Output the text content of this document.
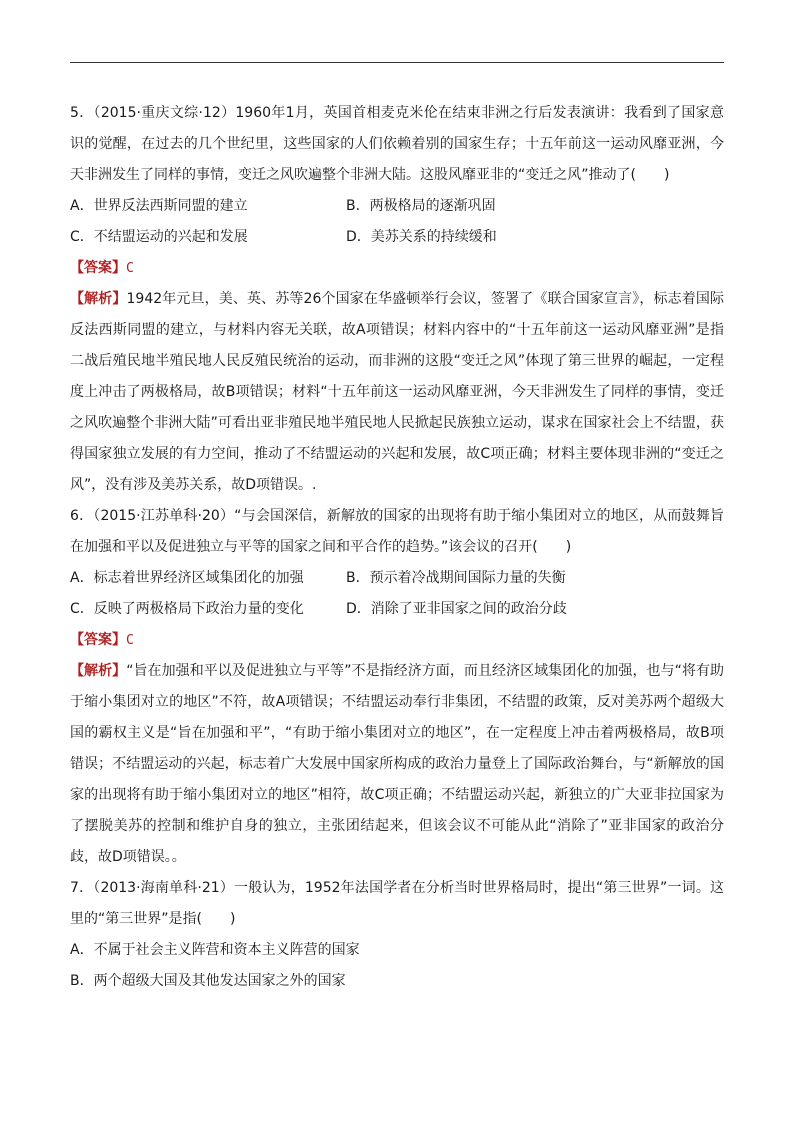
5．（2015·重庆文综·12）1960年1月，英国首相麦克米伦在结束非洲之行后发表演讲：我看到了国家意识的觉醒，在过去的几个世纪里，这些国家的人们依赖着别的国家生存；十五年前这一运动风靡亚洲，今天非洲发生了同样的事情，变迁之风吹遍整个非洲大陆。这股风靡亚非的“变迁之风”推动了(　　)

A．世界反法西斯同盟的建立	B．两极格局的逐渐巩固
C．不结盟运动的兴起和发展	D．美苏关系的持续缓和

【答案】C

【解析】1942年元旦，美、英、苏等26个国家在华盛顿举行会议，签署了《联合国家宣言》，标志着国际反法西斯同盟的建立，与材料内容无关联，故A项错误；材料内容中的“十五年前这一运动风靡亚洲”是指二战后殖民地半殖民地人民反殖民统治的运动，而非洲的这股“变迁之风”体现了第三世界的崛起，一定程度上冲击了两极格局，故B项错误；材料“十五年前这一运动风靡亚洲，今天非洲发生了同样的事情，变迁之风吹遍整个非洲大陆”可看出亚非殖民地半殖民地人民掀起民族独立运动，谋求在国家社会上不结盟，获得国家独立发展的有力空间，推动了不结盟运动的兴起和发展，故C项正确；材料主要体现非洲的“变迁之风”，没有涉及美苏关系，故D项错误。.

6．（2015·江苏单科·20）“与会国深信，新解放的国家的出现将有助于缩小集团对立的地区，从而鼓舞旨在加强和平以及促进独立与平等的国家之间和平合作的趋势。”该会议的召开(　　)

A．标志着世界经济区域集团化的加强	B．预示着冷战期间国际力量的失衡
C．反映了两极格局下政治力量的变化	D．消除了亚非国家之间的政治分歧

【答案】C

【解析】“旨在加强和平以及促进独立与平等”不是指经济方面，而且经济区域集团化的加强，也与“将有助于缩小集团对立的地区”不符，故A项错误；不结盟运动奉行非集团，不结盟的政策，反对美苏两个超级大国的霸权主义是“旨在加强和平”，“有助于缩小集团对立的地区”，在一定程度上冲击着两极格局，故B项错误；不结盟运动的兴起，标志着广大发展中国家所构成的政治力量登上了国际政治舞台，与“新解放的国家的出现将有助于缩小集团对立的地区”相符，故C项正确；不结盟运动兴起，新独立的广大亚非拉国家为了摆脱美苏的控制和维护自身的独立，主张团结起来，但该会议不可能从此“消除了”亚非国家的政治分歧，故D项错误。。

7．（2013·海南单科·21）一般认为，1952年法国学者在分析当时世界格局时，提出“第三世界”一词。这里的“第三世界”是指(　　)

A．不属于社会主义阵营和资本主义阵营的国家

B．两个超级大国及其他发达国家之外的国家
